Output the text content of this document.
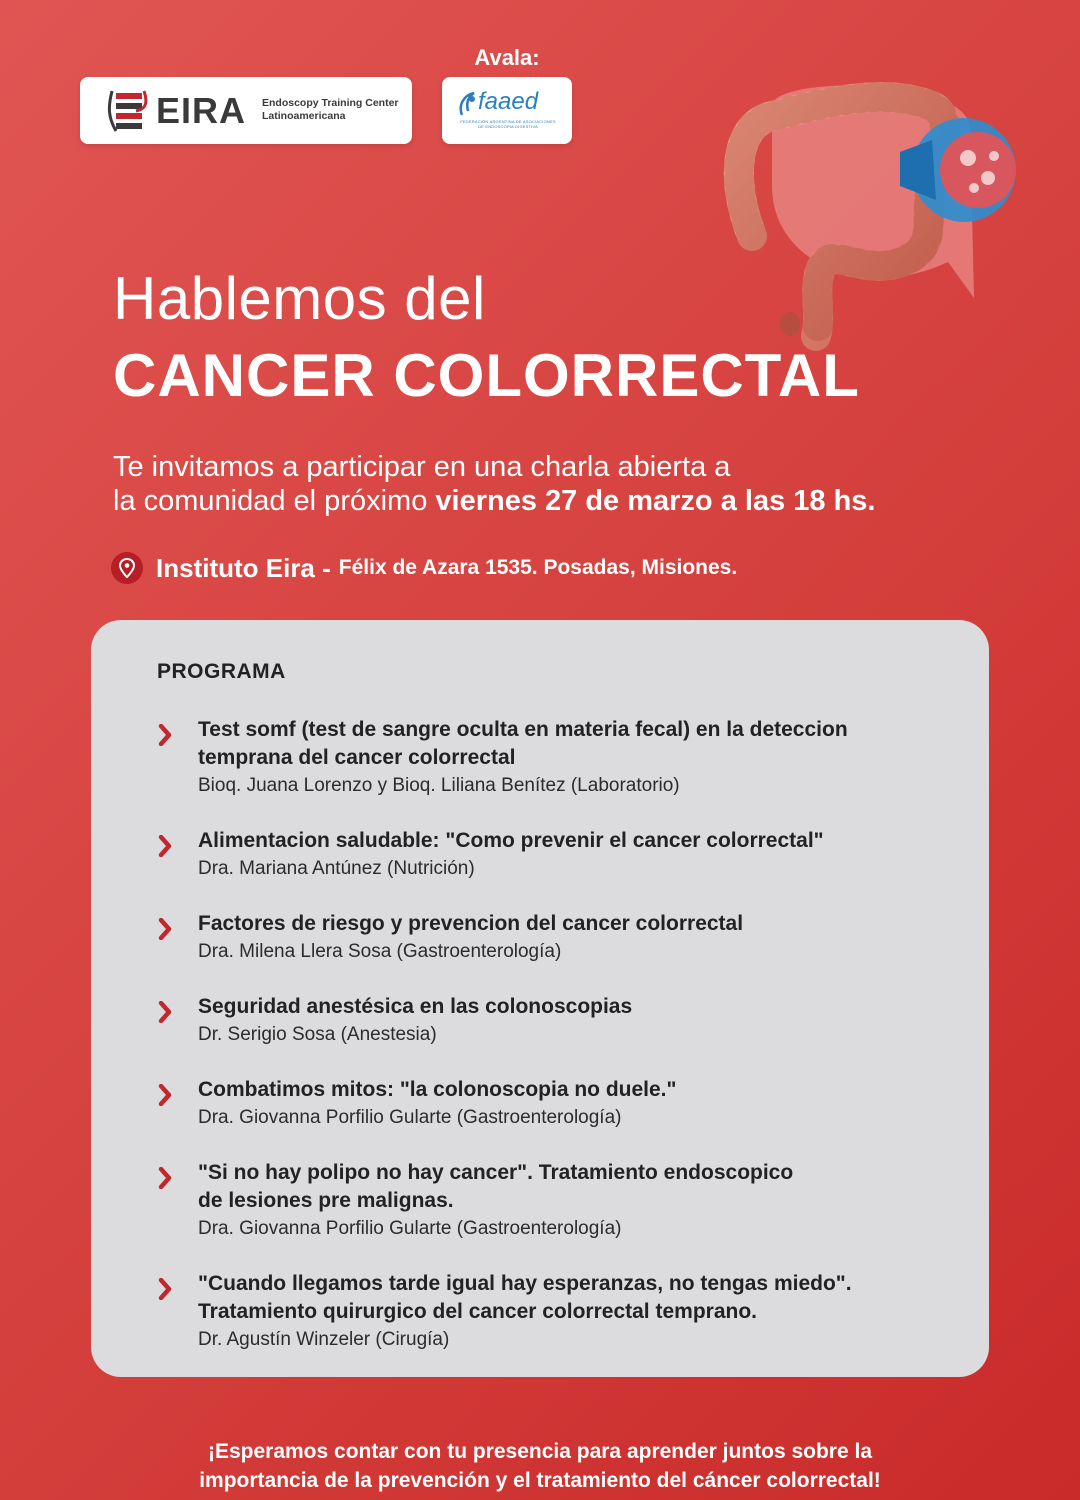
Avala:
EIRA Endoscopy Training Center
Latinoamericana
faaed
FEDERACIÓN ARGENTINA DE ASOCIACIONES DE ENDOSCOPIA DIGESTIVA
Hablemos del
CANCER COLORRECTAL
Te invitamos a participar en una charla abierta a
la comunidad el próximo viernes 27 de marzo a las 18 hs.
Instituto Eira - Félix de Azara 1535. Posadas, Misiones.
PROGRAMA
Test somf (test de sangre oculta en materia fecal) en la deteccion
temprana del cancer colorrectal
Bioq. Juana Lorenzo y Bioq. Liliana Benítez (Laboratorio)
Alimentacion saludable: "Como prevenir el cancer colorrectal"
Dra. Mariana Antúnez (Nutrición)
Factores de riesgo y prevencion del cancer colorrectal
Dra. Milena Llera Sosa (Gastroenterología)
Seguridad anestésica en las colonoscopias
Dr. Serigio Sosa (Anestesia)
Combatimos mitos: "la colonoscopia no duele."
Dra. Giovanna Porfilio Gularte (Gastroenterología)
"Si no hay polipo no hay cancer". Tratamiento endoscopico
de lesiones pre malignas.
Dra. Giovanna Porfilio Gularte (Gastroenterología)
"Cuando llegamos tarde igual hay esperanzas, no tengas miedo".
Tratamiento quirurgico del cancer colorrectal temprano.
Dr. Agustín Winzeler (Cirugía)
¡Esperamos contar con tu presencia para aprender juntos sobre la
importancia de la prevención y el tratamiento del cáncer colorrectal!
